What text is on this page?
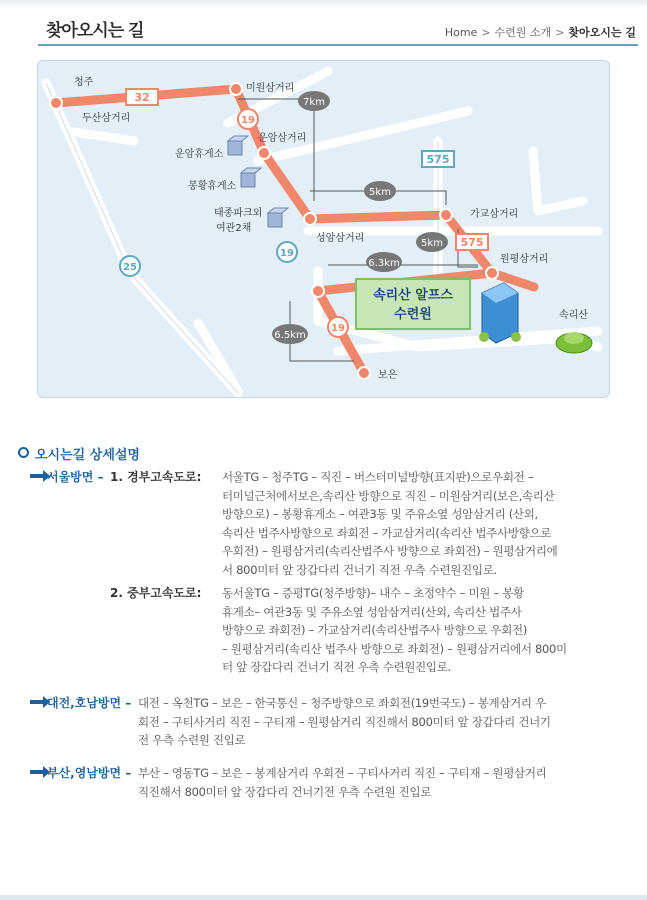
찾아오시는 길	Home > 수련원 소개 > 찾아오시는 길
32
19
575
19
25
575
19
7km
5km
5km
6.3km
6.5km
속리산 알프스
수련원
청주
두산삼거리
미원삼거리
운암삼거리
운암휴게소
봉황휴게소
태종파크외
여관2채
성암삼거리
가교삼거리
원평삼거리
보은
속리산
오시는길 상세설명
서울방면 – 1. 경부고속도로: 서울TG – 청주TG – 직진 – 버스터미널방향(표지판)으로우회전 –
터미널근처에서보은,속리산 방향으로 직진 – 미원삼거리(보은,속리산
방향으로) – 봉황휴게소 – 여관3동 및 주유소옆 성암삼거리 (산외,
속리산 법주사방향으로 좌회전 – 가교삼거리(속리산 법주사방향으로
우회전) – 원평삼거리(속리산법주사 방향으로 좌회전) – 원평삼거리에
서 800미터 앞 장갑다리 건너기 직전 우측 수련원진입로.
2. 중부고속도로: 동서울TG – 증평TG(청주방향)– 내수 – 초정약수 – 미원 – 봉황
휴게소– 여관3동 및 주유소옆 성암삼거리(산외, 속리산 법주사
방향으로 좌회전) – 가교삼거리(속리산법주사 방향으로 우회전)
– 원평삼거리(속리산 법주사 방향으로 좌회전) – 원평삼거리에서 800미
터 앞 장갑다리 건너기 직전 우측 수련원진입로.
대전,호남방면 – 대전 – 옥천TG – 보은 – 한국통신 – 청주방향으로 좌회전(19번국도) – 봉계삼거리 우
회전 – 구티사거리 직진 – 구티재 – 원평삼거리 직진해서 800미터 앞 장갑다리 건너기
전 우측 수련원 진입로
부산,영남방면 – 부산 – 영동TG – 보은 – 봉계삼거리 우회전 – 구티사거리 직진 – 구티재 – 원평삼거리
직진해서 800미터 앞 장갑다리 건너기전 우측 수련원 진입로
